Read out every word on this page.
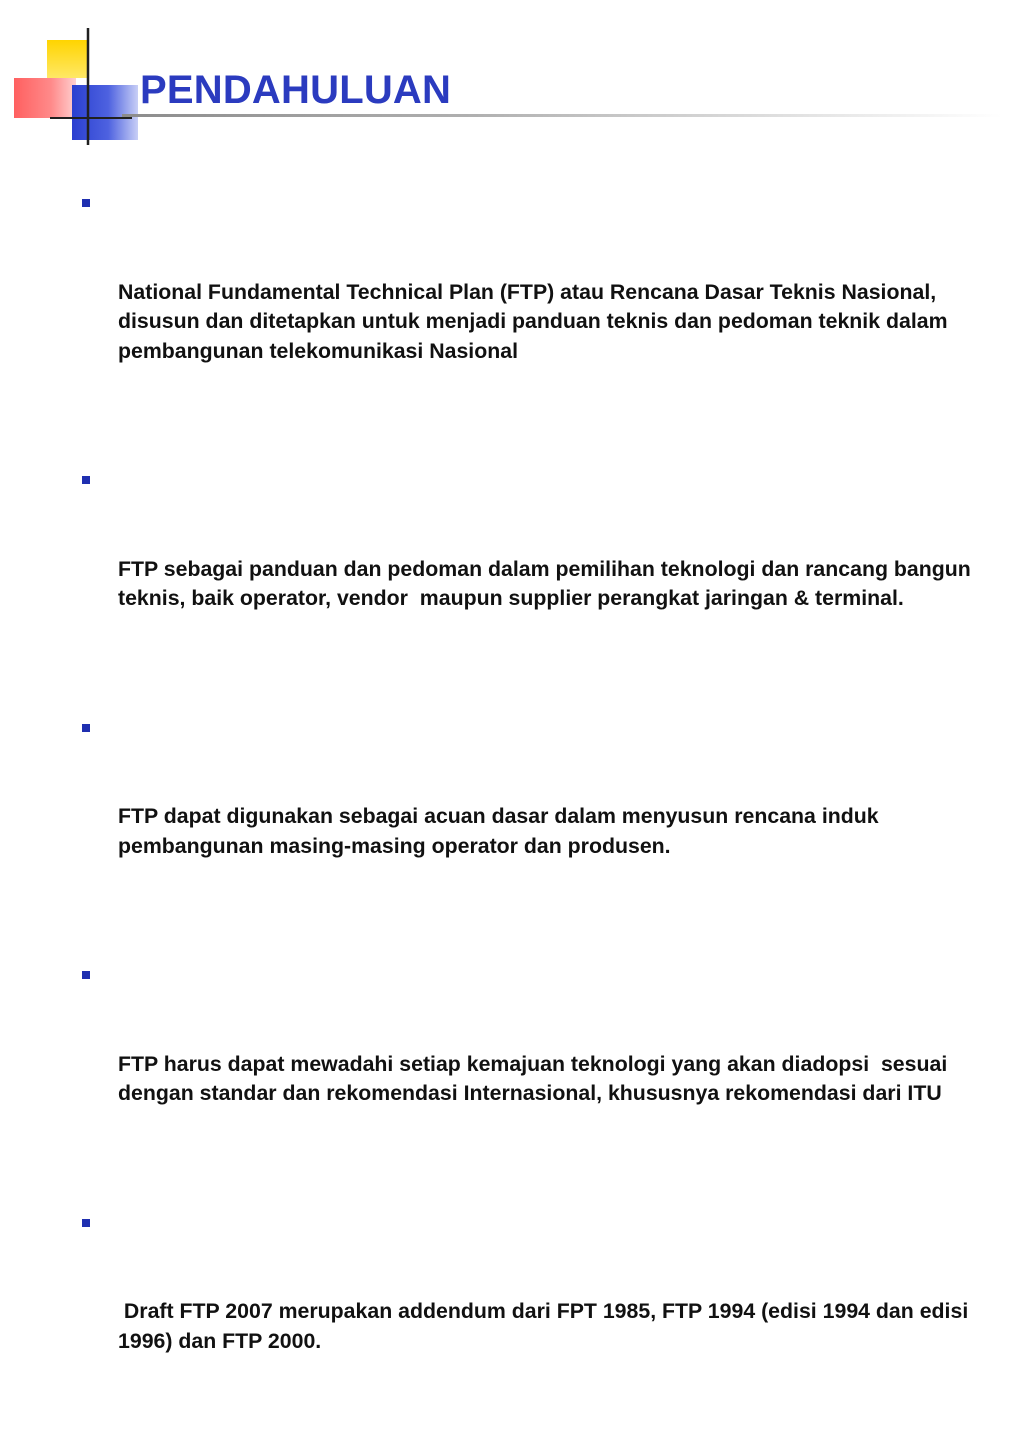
PENDAHULUAN

National Fundamental Technical Plan (FTP) atau Rencana Dasar Teknis Nasional, disusun dan ditetapkan untuk menjadi panduan teknis dan pedoman teknik dalam pembangunan telekomunikasi Nasional

FTP sebagai panduan dan pedoman dalam pemilihan teknologi dan rancang bangun teknis, baik operator, vendor  maupun supplier perangkat jaringan & terminal.

FTP dapat digunakan sebagai acuan dasar dalam menyusun rencana induk pembangunan masing-masing operator dan produsen.

FTP harus dapat mewadahi setiap kemajuan teknologi yang akan diadopsi  sesuai dengan standar dan rekomendasi Internasional, khususnya rekomendasi dari ITU

Draft FTP 2007 merupakan addendum dari FPT 1985, FTP 1994 (edisi 1994 dan edisi 1996) dan FTP 2000.
